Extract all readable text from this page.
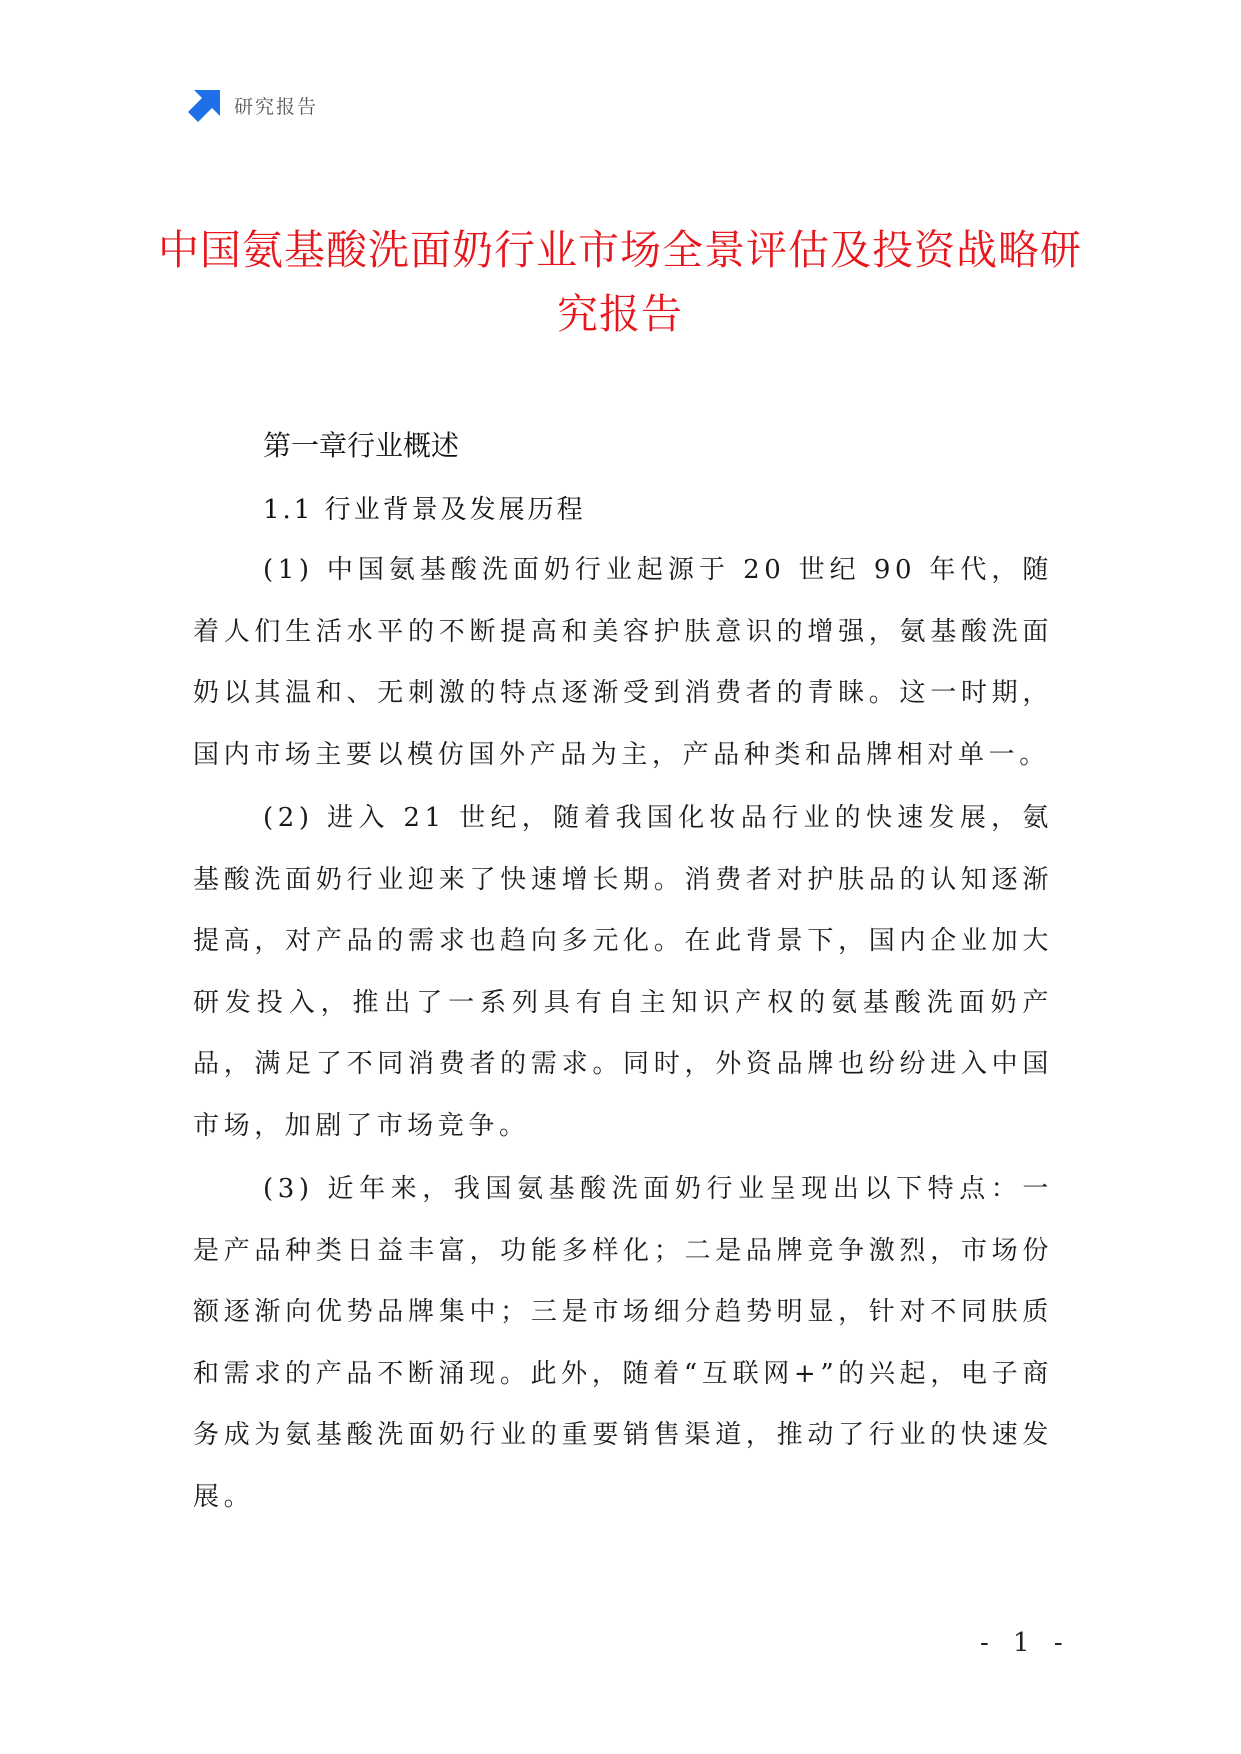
研究报告
中国氨基酸洗面奶行业市场全景评估及投资战略研究报告
第一章行业概述
1.1 行业背景及发展历程

(1) 中国氨基酸洗面奶行业起源于 20 世纪 90 年代，随着人们生活水平的不断提高和美容护肤意识的增强，氨基酸洗面奶以其温和、无刺激的特点逐渐受到消费者的青睐。这一时期，国内市场主要以模仿国外产品为主，产品种类和品牌相对单一。

(2) 进入 21 世纪，随着我国化妆品行业的快速发展，氨基酸洗面奶行业迎来了快速增长期。消费者对护肤品的认知逐渐提高，对产品的需求也趋向多元化。在此背景下，国内企业加大研发投入，推出了一系列具有自主知识产权的氨基酸洗面奶产品，满足了不同消费者的需求。同时，外资品牌也纷纷进入中国市场，加剧了市场竞争。

(3) 近年来，我国氨基酸洗面奶行业呈现出以下特点：一是产品种类日益丰富，功能多样化；二是品牌竞争激烈，市场份额逐渐向优势品牌集中；三是市场细分趋势明显，针对不同肤质和需求的产品不断涌现。此外，随着“互联网+”的兴起，电子商务成为氨基酸洗面奶行业的重要销售渠道，推动了行业的快速发展。

- 1 -
